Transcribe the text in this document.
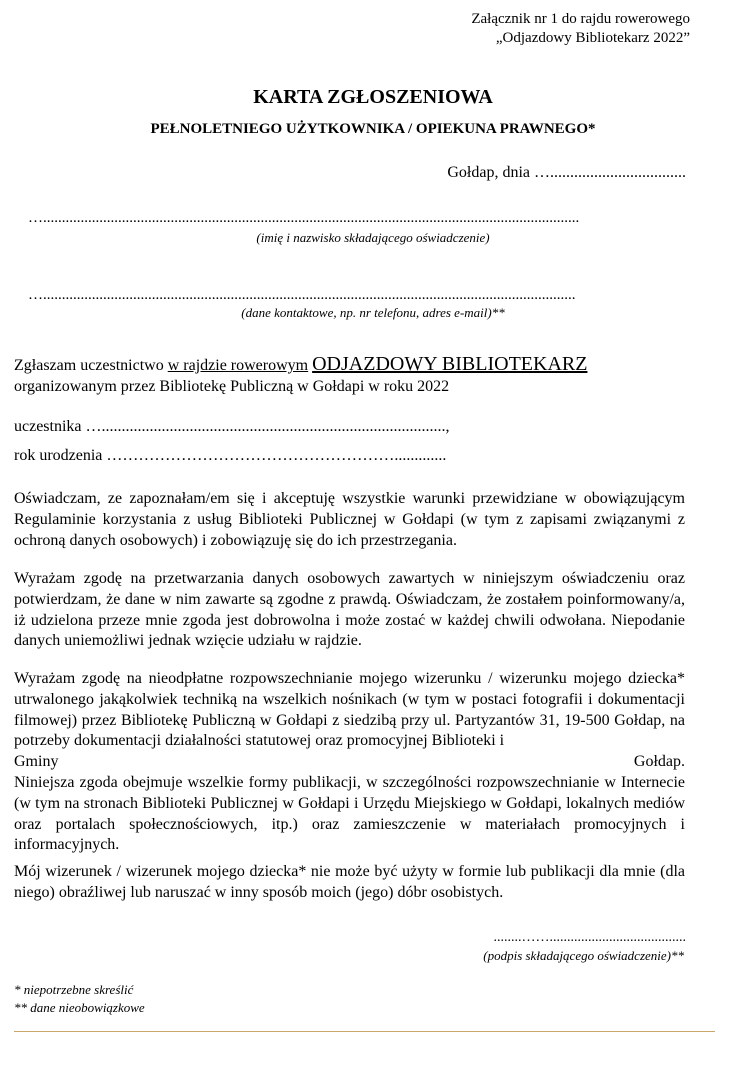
Załącznik nr 1 do rajdu rowerowego
„Odjazdowy Bibliotekarz 2022”
KARTA ZGŁOSZENIOWA
PEŁNOLETNIEGO UŻYTKOWNIKA / OPIEKUNA PRAWNEGO*
Gołdap, dnia …..................................
…...............................................................................................................................................
(imię i nazwisko składającego oświadczenie)
…..............................................................................................................................................
(dane kontaktowe, np. nr telefonu, adres e-mail)**
Zgłaszam uczestnictwo w rajdzie rowerowym ODJAZDOWY BIBLIOTEKARZ
organizowanym przez Bibliotekę Publiczną w Gołdapi w roku 2022
uczestnika …......................................................................................,
rok urodzenia ……………………………………………….............

Oświadczam, ze zapoznałam/em się i akceptuję wszystkie warunki przewidziane w obowiązującym Regulaminie korzystania z usług Biblioteki Publicznej w Gołdapi (w tym z zapisami związanymi z ochroną danych osobowych) i zobowiązuję się do ich przestrzegania.

Wyrażam zgodę na przetwarzania danych osobowych zawartych w niniejszym oświadczeniu oraz potwierdzam, że dane w nim zawarte są zgodne z prawdą. Oświadczam, że zostałem poinformowany/a, iż udzielona przeze mnie zgoda jest dobrowolna i może zostać w każdej chwili odwołana. Niepodanie danych uniemożliwi jednak wzięcie udziału w rajdzie.

Wyrażam zgodę na nieodpłatne rozpowszechnianie mojego wizerunku / wizerunku mojego dziecka* utrwalonego jakąkolwiek techniką na wszelkich nośnikach (w tym w postaci fotografii i dokumentacji filmowej) przez Bibliotekę Publiczną w Gołdapi z siedzibą przy ul. Partyzantów 31, 19-500 Gołdap, na potrzeby dokumentacji działalności statutowej oraz promocyjnej Biblioteki i
Gminy	Gołdap.
Niniejsza zgoda obejmuje wszelkie formy publikacji, w szczególności rozpowszechnianie w Internecie (w tym na stronach Biblioteki Publicznej w Gołdapi i Urzędu Miejskiego w Gołdapi, lokalnych mediów oraz portalach społecznościowych, itp.) oraz zamieszczenie w materiałach promocyjnych i informacyjnych.

Mój wizerunek / wizerunek mojego dziecka* nie może być użyty w formie lub publikacji dla mnie (dla niego) obraźliwej lub naruszać w inny sposób moich (jego) dóbr osobistych.

........…….......................................
(podpis składającego oświadczenie)**
* niepotrzebne skreślić
** dane nieobowiązkowe
